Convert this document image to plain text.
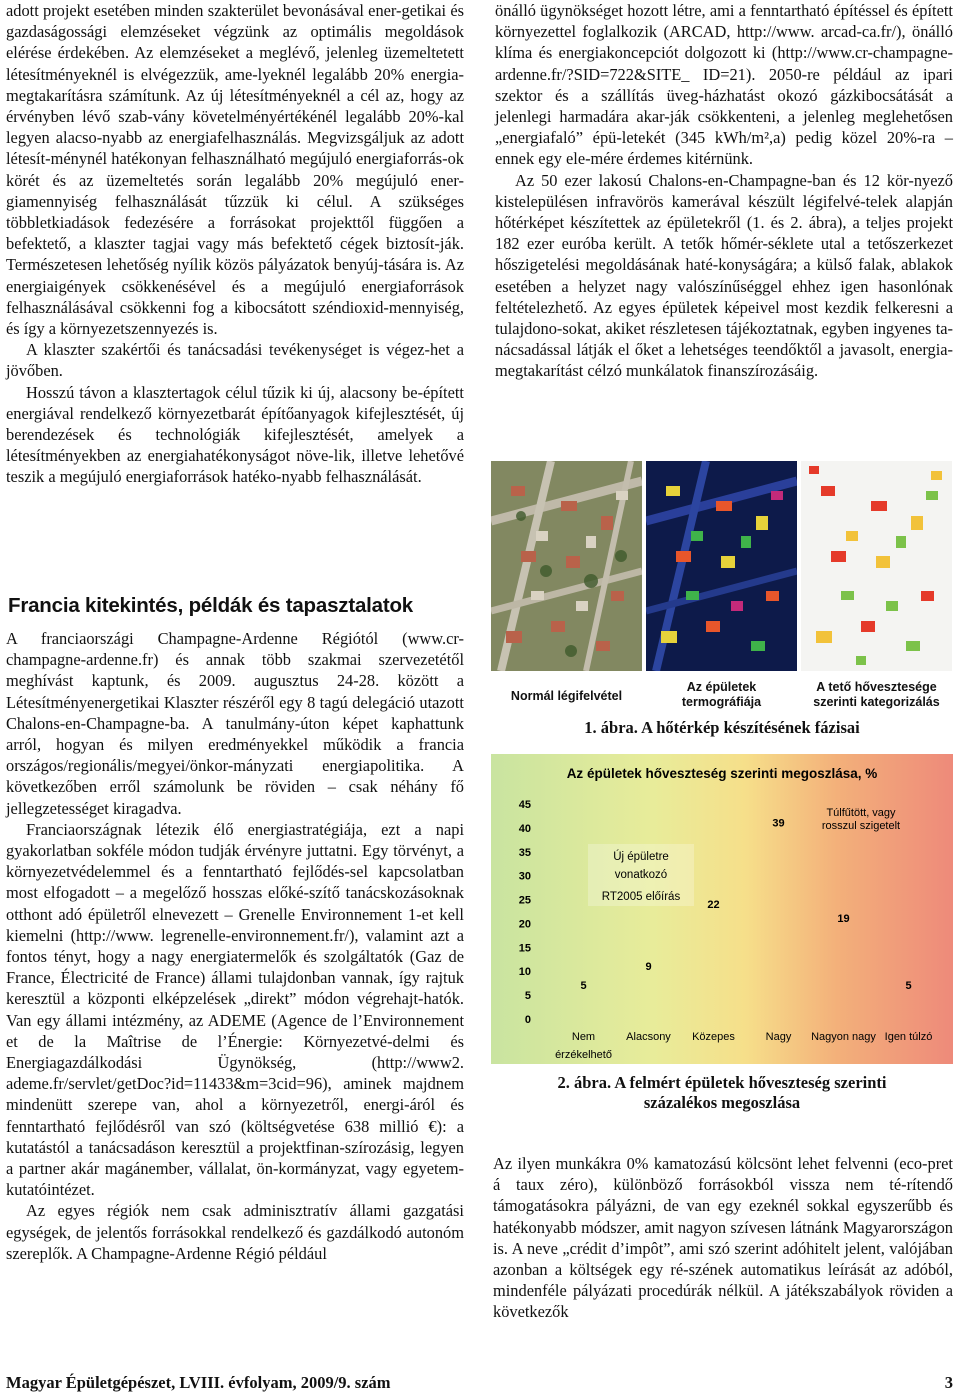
adott projekt esetében minden szakterület bevonásával ener-getikai és gazdaságossági elemzéseket végzünk az optimális megoldások elérése érdekében. Az elemzéseket a meglévő, jelenleg üzemeltetett létesítményeknél is elvégezzük, ame-lyeknél legalább 20% energia-megtakarításra számítunk. Az új létesítményeknél a cél az, hogy az érvényben lévő szab-vány követelményértékénél legalább 20%-kal legyen alacso-nyabb az energiafelhasználás. Megvizsgáljuk az adott létesít-ménynél hatékonyan felhasználható megújuló energiaforrás-ok körét és az üzemeltetés során legalább 20% megújuló ener-giamennyiség felhasználását tűzzük ki célul. A szükséges többletkiadások fedezésére a forrásokat projekttől függően a befektető, a klaszter tagjai vagy más befektető cégek biztosít-ják. Természetesen lehetőség nyílik közös pályázatok benyúj-tására is. Az energiaigények csökkenésével és a megújuló energiaforrások felhasználásával csökkenni fog a kibocsátott széndioxid-mennyiség, és így a környezetszennyezés is.

A klaszter szakértői és tanácsadási tevékenységet is végez-het a jövőben.

Hosszú távon a klasztertagok célul tűzik ki új, alacsony be-épített energiával rendelkező környezetbarát építőanyagok kifejlesztését, új berendezések és technológiák kifejlesztését, amelyek a létesítményekben az energiahatékonyságot növe-lik, illetve lehetővé teszik a megújuló energiaforrások hatéko-nyabb felhasználását.

Francia kitekintés, példák és tapasztalatok

A franciaországi Champagne-Ardenne Régiótól (www.cr-champagne-ardenne.fr) és annak több szakmai szervezetétől meghívást kaptunk, és 2009. augusztus 24-28. között a Létesítményenergetikai Klaszter részéről egy 8 tagú delegáció utazott Chalons-en-Champagne-ba. A tanulmány-úton képet kaphattunk arról, hogyan és milyen eredményekkel működik a francia országos/regionális/megyei/önkor-mányzati energiapolitika. A következőben erről számolunk be röviden – csak néhány fő jellegzetességet kiragadva.

Franciaországnak létezik élő energiastratégiája, ezt a napi gyakorlatban sokféle módon tudják érvényre juttatni. Egy törvényt, a környezetvédelemmel és a fenntartható fejlődés-sel kapcsolatban most elfogadott – a megelőző hosszas előké-szítő tanácskozásoknak otthont adó épületről elnevezett – Grenelle Environnement 1-et kell kiemelni (http://www. legrenelle-environnement.fr/), valamint azt a fontos tényt, hogy a nagy energiatermelők és szolgáltatók (Gaz de France, Électricité de France) állami tulajdonban vannak, így rajtuk keresztül a központi elképzelések „direkt” módon végrehajt-hatók. Van egy állami intézmény, az ADEME (Agence de l’Environnement et de la Maîtrise de l’Énergie: Környezetvé-delmi és Energiagazdálkodási Ügynökség, (http://www2. ademe.fr/servlet/getDoc?id=11433&m=3cid=96), aminek majdnem mindenütt szerepe van, ahol a környezetről, energi-áról és fenntartható fejlődésről van szó (költségvetése 638 millió €): a kutatástól a tanácsadáson keresztül a projektfinan-szírozásig, legyen a partner akár magánember, vállalat, ön-kormányzat, vagy egyetem-kutatóintézet.

Az egyes régiók nem csak adminisztratív állami gazgatási egységek, de jelentős forrásokkal rendelkező és gazdálkodó autonóm szereplők. A Champagne-Ardenne Régió például

önálló ügynökséget hozott létre, ami a fenntartható építéssel és épített környezettel foglalkozik (ARCAD, http://www. arcad-ca.fr/), önálló klíma és energiakoncepciót dolgozott ki (http://www.cr-champagne-ardenne.fr/?SID=722&SITE_ ID=21). 2050-re például az ipari szektor és a szállítás üveg-házhatást okozó gázkibocsátását a jelenlegi harmadára akar-ják csökkenteni, a jelenleg meglehetősen „energiafaló” épü-letekét (345 kWh/m²,a) pedig közel 20%-ra – ennek egy ele-mére érdemes kitérnünk.

Az 50 ezer lakosú Chalons-en-Champagne-ban és 12 kör-nyező kistelepülésen infravörös kamerával készült légifelvé-telek alapján hőtérképet készítettek az épületekről (1. és 2. ábra), a teljes projekt 182 ezer euróba került. A tetők hőmér-séklete utal a tetőszerkezet hőszigetelési megoldásának haté-konyságára; a külső falak, ablakok esetében a helyzet nagy valószínűséggel ehhez igen hasonlónak feltételezhető. Az egyes épületek képeivel most kezdik felkeresni a tulajdono-sokat, akiket részletesen tájékoztatnak, egyben ingyenes ta-nácsadással látják el őket a lehetséges teendőktől a javasolt, energia-megtakarítást célzó munkálatok finanszírozásáig.

Normál légifelvétel
Az épületek termográfiája
A tető hőveszteségе szerinti kategorizálás
1. ábra. A hőtérkép készítésének fázisai
Az épületek hőveszteség szerinti megoszlása, %
0
5
10
15
20
25
30
35
40
45
5
9
22
39
19
5
Nem
érzékelhető
Alacsony Közepes	Nagy Nagyon nagy Igen túlzó
Új épületre
vonatkozó
RT2005 előírás
Túlfűtött, vagy
rosszul szigetelt
2. ábra. A felmért épületek hőveszteség szerinti
százalékos megoszlása

Az ilyen munkákra 0% kamatozású kölcsönt lehet felvenni (eco-pret á taux zéro), különböző forrásokból vissza nem té-rítendő támogatásokra pályázni, de van egy ezeknél sokkal egyszerűbb és hatékonyabb módszer, amit nagyon szívesen látnánk Magyarországon is. A neve „crédit d’impôt”, ami szó szerint adóhitelt jelent, valójában azonban a költségek egy ré-szének automatikus leírását az adóból, mindenféle pályázati procedúrák nélkül. A játékszabályok röviden a következők

Magyar Épületgépészet, LVIII. évfolyam, 2009/9. szám	3
